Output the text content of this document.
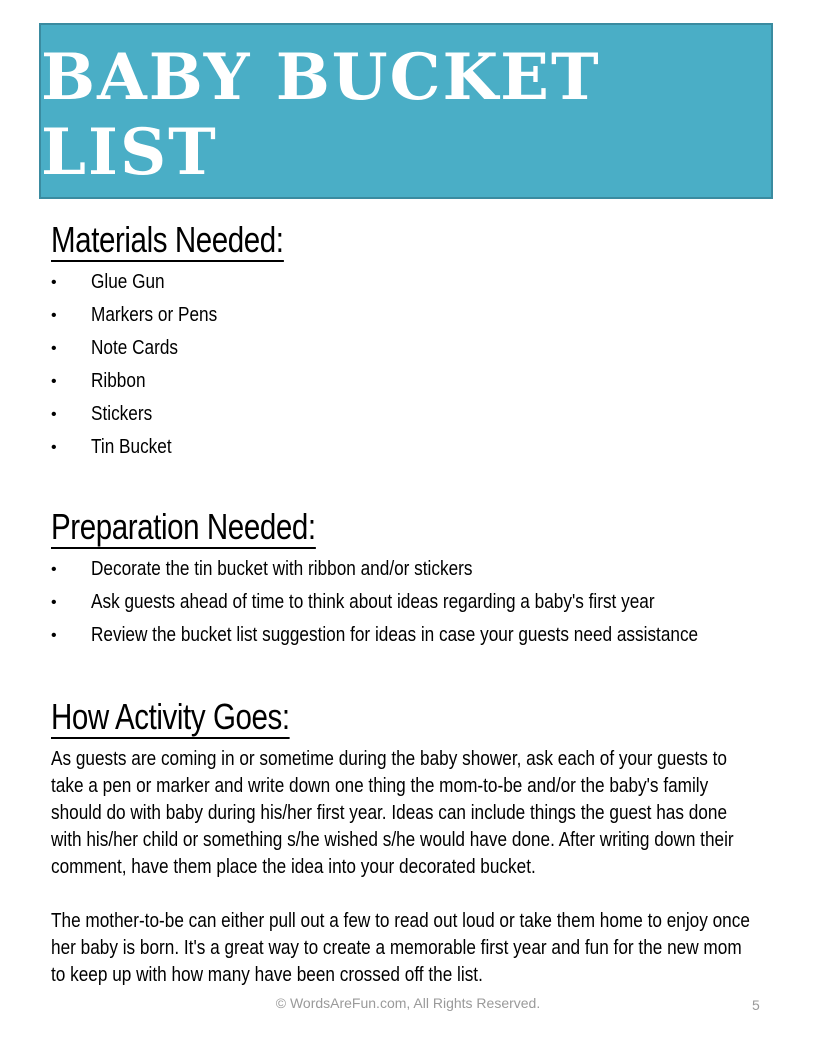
BABY BUCKET LIST
Materials Needed:
• Glue Gun
• Markers or Pens
• Note Cards
• Ribbon
• Stickers
• Tin Bucket
Preparation Needed:
• Decorate the tin bucket with ribbon and/or stickers
• Ask guests ahead of time to think about ideas regarding a baby's first year
• Review the bucket list suggestion for ideas in case your guests need assistance
How Activity Goes:
As guests are coming in or sometime during the baby shower, ask each of your guests to take a pen or marker and write down one thing the mom-to-be and/or the baby's family should do with baby during his/her first year. Ideas can include things the guest has done with his/her child or something s/he wished s/he would have done. After writing down their comment, have them place the idea into your decorated bucket.
The mother-to-be can either pull out a few to read out loud or take them home to enjoy once her baby is born. It's a great way to create a memorable first year and fun for the new mom to keep up with how many have been crossed off the list.
© WordsAreFun.com, All Rights Reserved.	5
